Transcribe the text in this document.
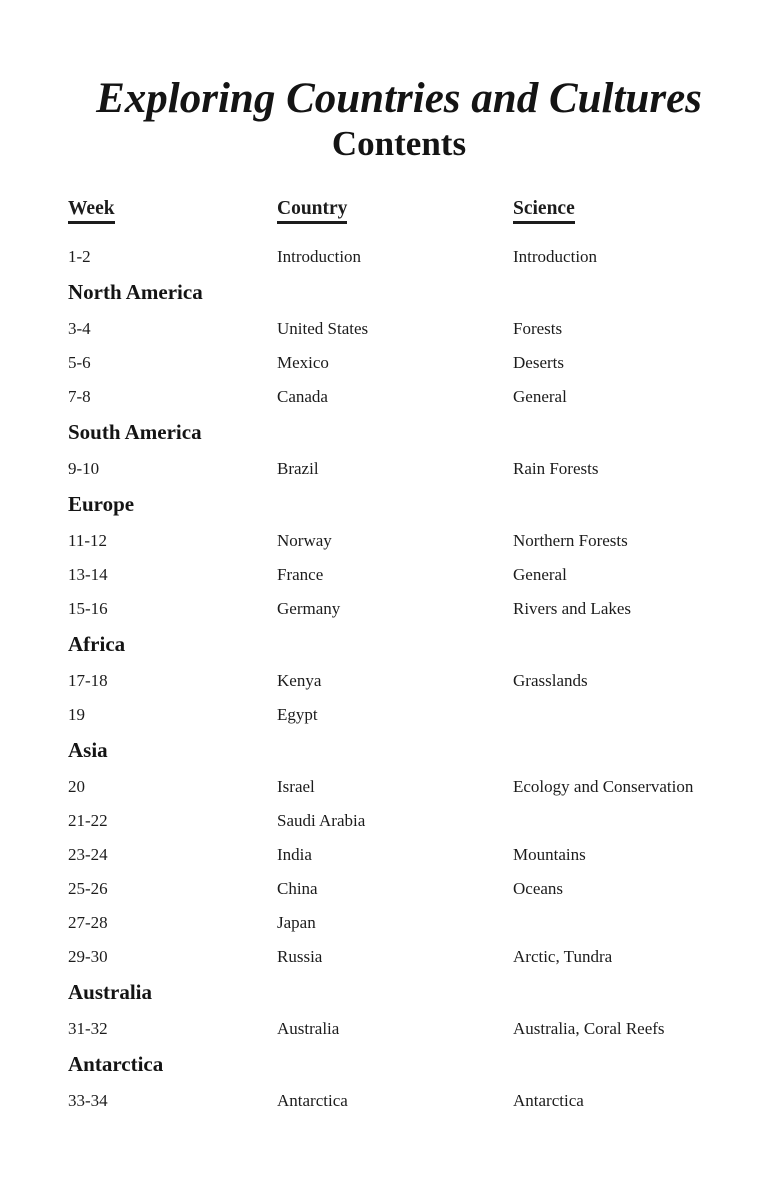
Exploring Countries and Cultures
Contents
Week	Country	Science
1-2	Introduction	Introduction
North America
3-4	United States	Forests
5-6	Mexico	Deserts
7-8	Canada	General
South America
9-10	Brazil	Rain Forests
Europe
11-12	Norway	Northern Forests
13-14	France	General
15-16	Germany	Rivers and Lakes
Africa
17-18	Kenya	Grasslands
19	Egypt
Asia
20	Israel	Ecology and Conservation
21-22	Saudi Arabia
23-24	India	Mountains
25-26	China	Oceans
27-28	Japan
29-30	Russia	Arctic, Tundra
Australia
31-32	Australia	Australia, Coral Reefs
Antarctica
33-34	Antarctica	Antarctica
